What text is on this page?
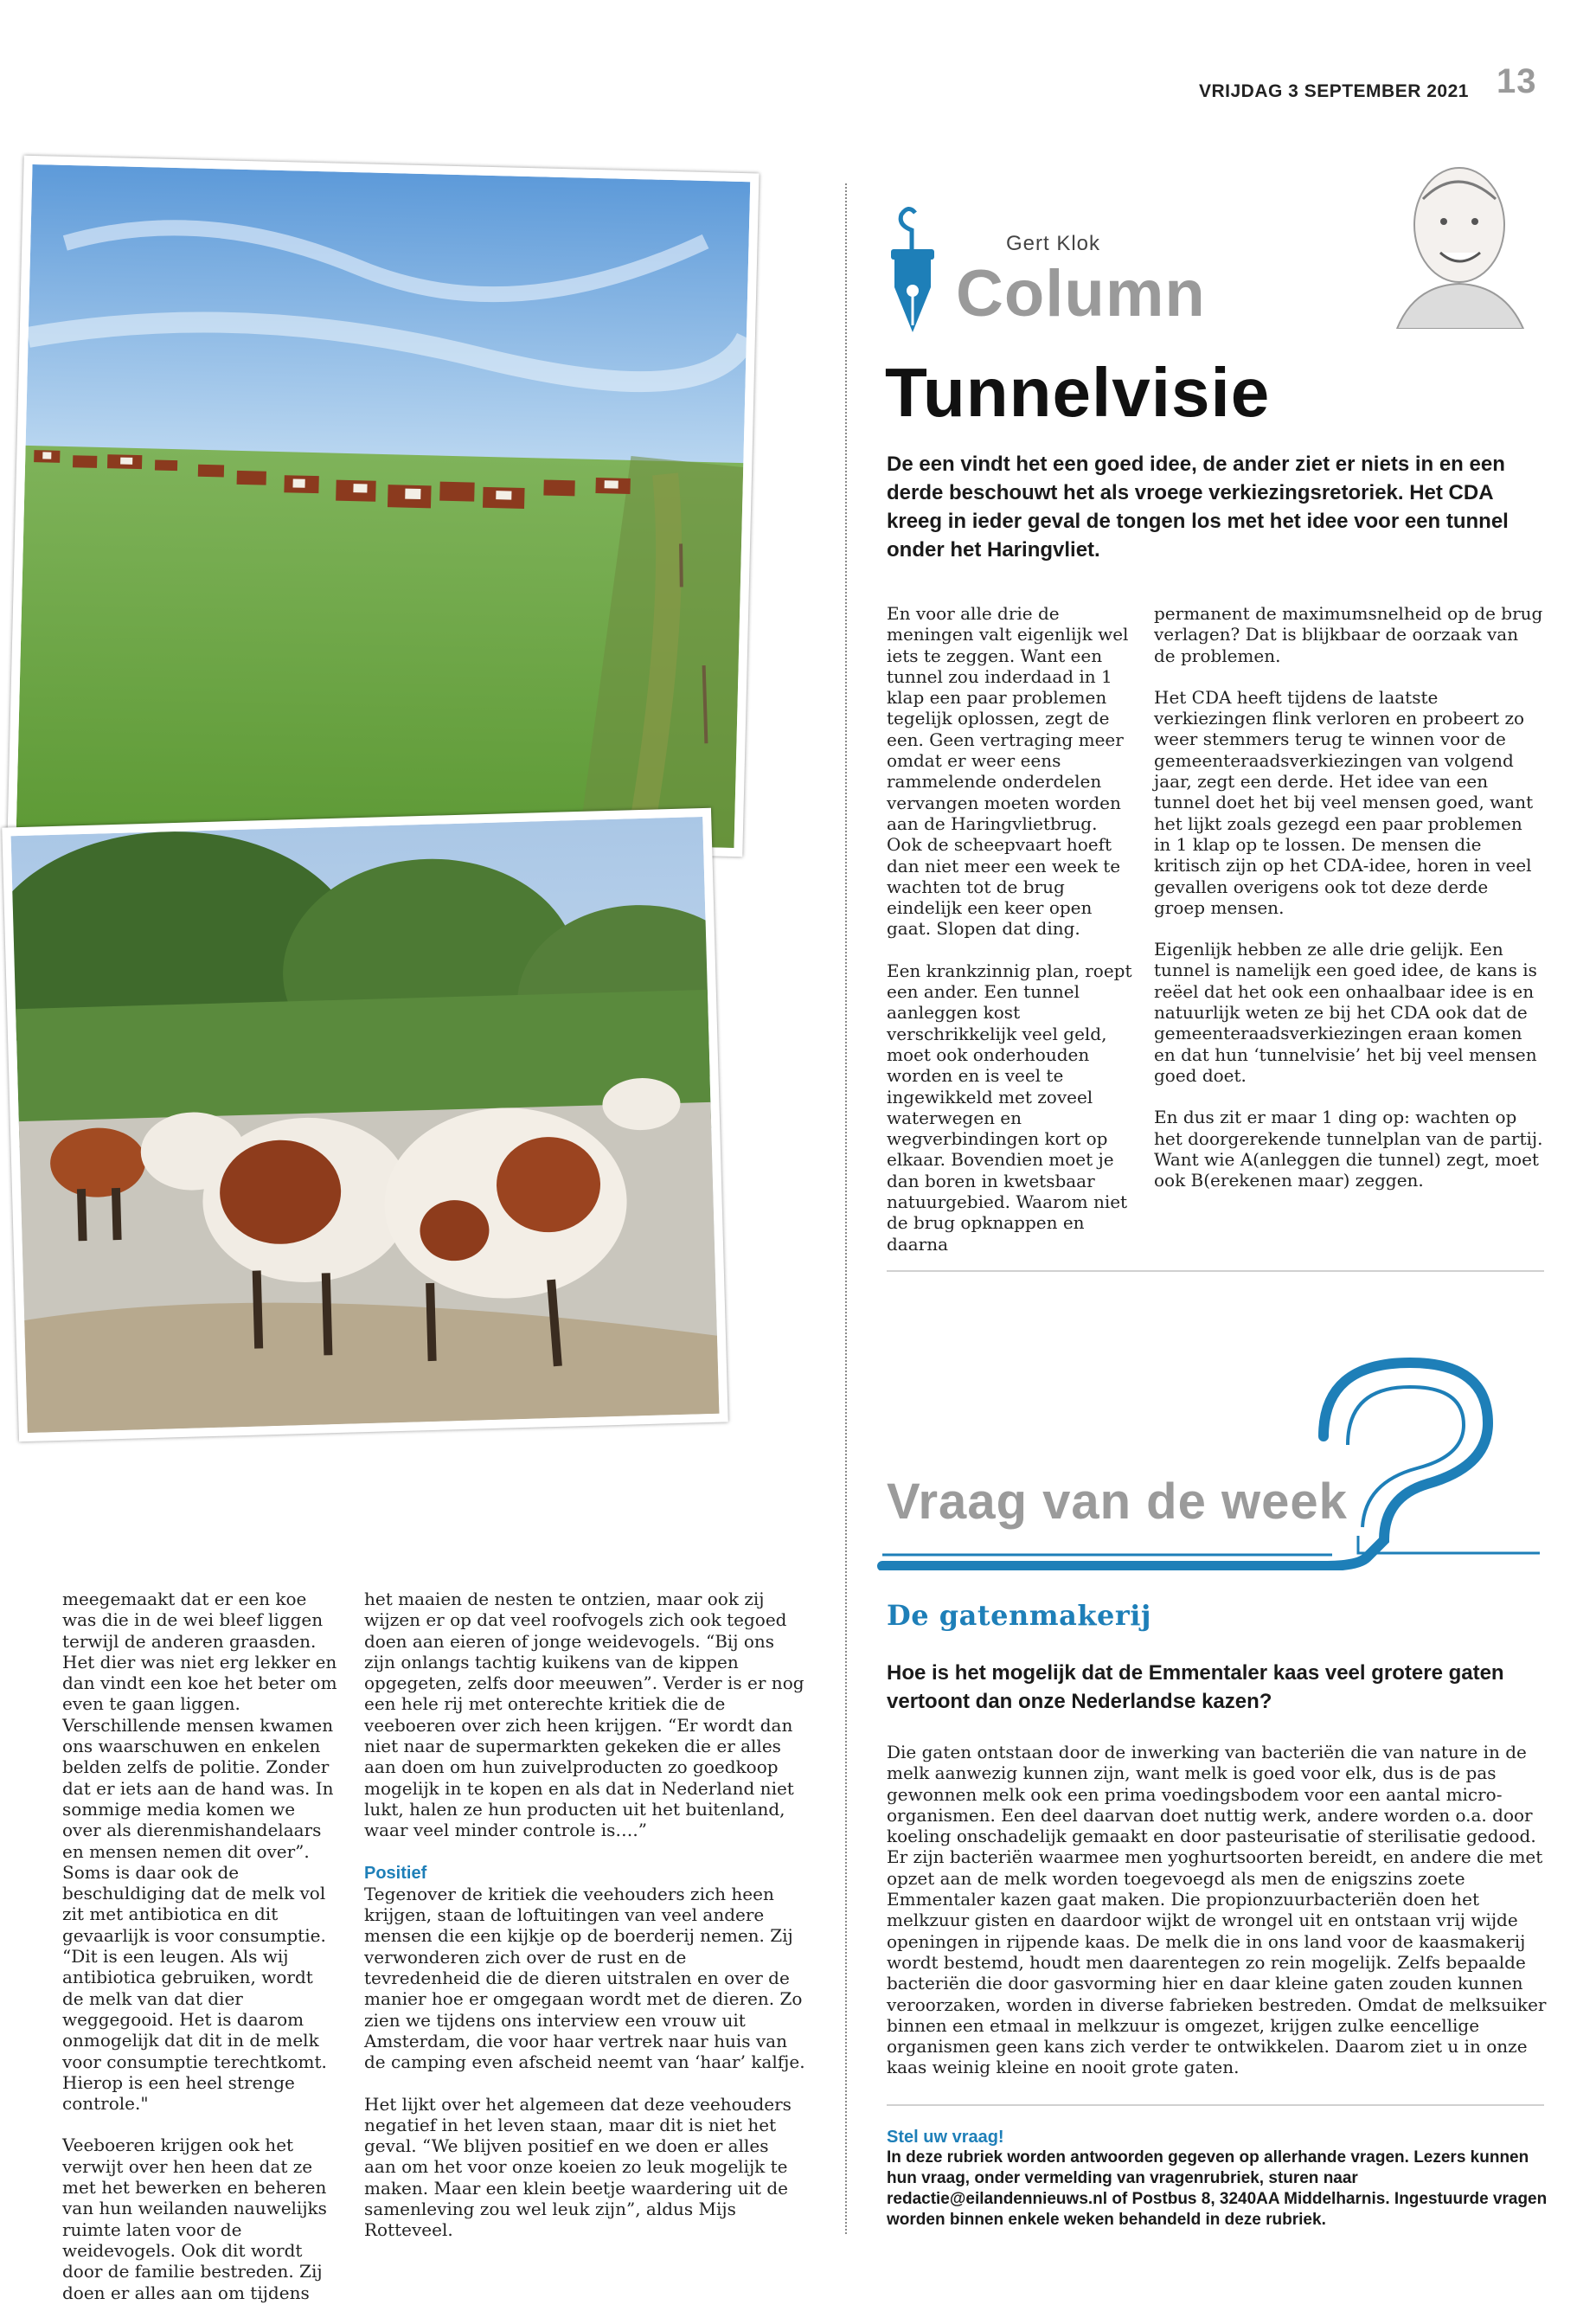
VRIJDAG 3 SEPTEMBER 2021 13
Gert Klok
Column
Tunnelvisie
De een vindt het een goed idee, de ander ziet er niets in en een derde beschouwt het als vroege verkiezingsretoriek. Het CDA kreeg in ieder geval de tongen los met het idee voor een tunnel onder het Haringvliet.

En voor alle drie de meningen valt eigenlijk wel iets te zeggen. Want een tunnel zou inderdaad in 1 klap een paar problemen tegelijk oplossen, zegt de een. Geen vertraging meer omdat er weer eens rammelende onderdelen vervangen moeten worden aan de Haringvlietbrug. Ook de scheepvaart hoeft dan niet meer een week te wachten tot de brug eindelijk een keer open gaat. Slopen dat ding.

Een krankzinnig plan, roept een ander. Een tunnel aanleggen kost verschrikkelijk veel geld, moet ook onderhouden worden en is veel te ingewikkeld met zoveel waterwegen en wegverbindingen kort op elkaar. Bovendien moet je dan boren in kwetsbaar natuurgebied. Waarom niet de brug opknappen en daarna

permanent de maximumsnelheid op de brug verlagen? Dat is blijkbaar de oorzaak van de problemen.

Het CDA heeft tijdens de laatste verkiezingen flink verloren en probeert zo weer stemmers terug te winnen voor de gemeenteraadsverkiezingen van volgend jaar, zegt een derde. Het idee van een tunnel doet het bij veel mensen goed, want het lijkt zoals gezegd een paar problemen in 1 klap op te lossen. De mensen die kritisch zijn op het CDA-idee, horen in veel gevallen overigens ook tot deze derde groep mensen.

Eigenlijk hebben ze alle drie gelijk. Een tunnel is namelijk een goed idee, de kans is reëel dat het ook een onhaalbaar idee is en natuurlijk weten ze bij het CDA ook dat de gemeenteraadsverkiezingen eraan komen en dat hun ‘tunnelvisie’ het bij veel mensen goed doet.

En dus zit er maar 1 ding op: wachten op het doorgerekende tunnelplan van de partij. Want wie A(anleggen die tunnel) zegt, moet ook B(erekenen maar) zeggen.

Vraag van de week
De gatenmakerij
Hoe is het mogelijk dat de Emmentaler kaas veel grotere gaten vertoont dan onze Nederlandse kazen?
Die gaten ontstaan door de inwerking van bacteriën die van nature in de melk aanwezig kunnen zijn, want melk is goed voor elk, dus is de pas gewonnen melk ook een prima voedingsbodem voor een aantal micro-organismen. Een deel daarvan doet nuttig werk, andere worden o.a. door koeling onschadelijk gemaakt en door pasteurisatie of sterilisatie gedood. Er zijn bacteriën waarmee men yoghurtsoorten bereidt, en andere die met opzet aan de melk worden toegevoegd als men de enigszins zoete Emmentaler kazen gaat maken. Die propionzuurbacteriën doen het melkzuur gisten en daardoor wijkt de wrongel uit en ontstaan vrij wijde openingen in rijpende kaas. De melk die in ons land voor de kaasmakerij wordt bestemd, houdt men daarentegen zo rein mogelijk. Zelfs bepaalde bacteriën die door gasvorming hier en daar kleine gaten zouden kunnen veroorzaken, worden in diverse fabrieken bestreden. Omdat de melksuiker binnen een etmaal in melkzuur is omgezet, krijgen zulke eencellige organismen geen kans zich verder te ontwikkelen. Daarom ziet u in onze kaas weinig kleine en nooit grote gaten.
Stel uw vraag!
In deze rubriek worden antwoorden gegeven op allerhande vragen. Lezers kunnen hun vraag, onder vermelding van vragenrubriek, sturen naar redactie@eilandennieuws.nl of Postbus 8, 3240AA Middelharnis. Ingestuurde vragen worden binnen enkele weken behandeld in deze rubriek.

meegemaakt dat er een koe was die in de wei bleef liggen terwijl de anderen graasden. Het dier was niet erg lekker en dan vindt een koe het beter om even te gaan liggen. Verschillende mensen kwamen ons waarschuwen en enkelen belden zelfs de politie. Zonder dat er iets aan de hand was. In sommige media komen we over als dierenmishandelaars en mensen nemen dit over”. Soms is daar ook de beschuldiging dat de melk vol zit met antibiotica en dit gevaarlijk is voor consumptie. “Dit is een leugen. Als wij antibiotica gebruiken, wordt de melk van dat dier weggegooid. Het is daarom onmogelijk dat dit in de melk voor consumptie terechtkomt. Hierop is een heel strenge controle."

Veeboeren krijgen ook het verwijt over hen heen dat ze met het bewerken en beheren van hun weilanden nauwelijks ruimte laten voor de weidevogels. Ook dit wordt door de familie bestreden. Zij doen er alles aan om tijdens

het maaien de nesten te ontzien, maar ook zij wijzen er op dat veel roofvogels zich ook tegoed doen aan eieren of jonge weidevogels. “Bij ons zijn onlangs tachtig kuikens van de kippen opgegeten, zelfs door meeuwen”. Verder is er nog een hele rij met onterechte kritiek die de veeboeren over zich heen krijgen. “Er wordt dan niet naar de supermarkten gekeken die er alles aan doen om hun zuivelproducten zo goedkoop mogelijk in te kopen en als dat in Nederland niet lukt, halen ze hun producten uit het buitenland, waar veel minder controle is….”

Positief

Tegenover de kritiek die veehouders zich heen krijgen, staan de loftuitingen van veel andere mensen die een kijkje op de boerderij nemen. Zij verwonderen zich over de rust en de tevredenheid die de dieren uitstralen en over de manier hoe er omgegaan wordt met de dieren. Zo zien we tijdens ons interview een vrouw uit Amsterdam, die voor haar vertrek naar huis van de camping even afscheid neemt van ‘haar’ kalfje.

Het lijkt over het algemeen dat deze veehouders negatief in het leven staan, maar dit is niet het geval. “We blijven positief en we doen er alles aan om het voor onze koeien zo leuk mogelijk te maken. Maar een klein beetje waardering uit de samenleving zou wel leuk zijn”, aldus Mijs Rotteveel.
